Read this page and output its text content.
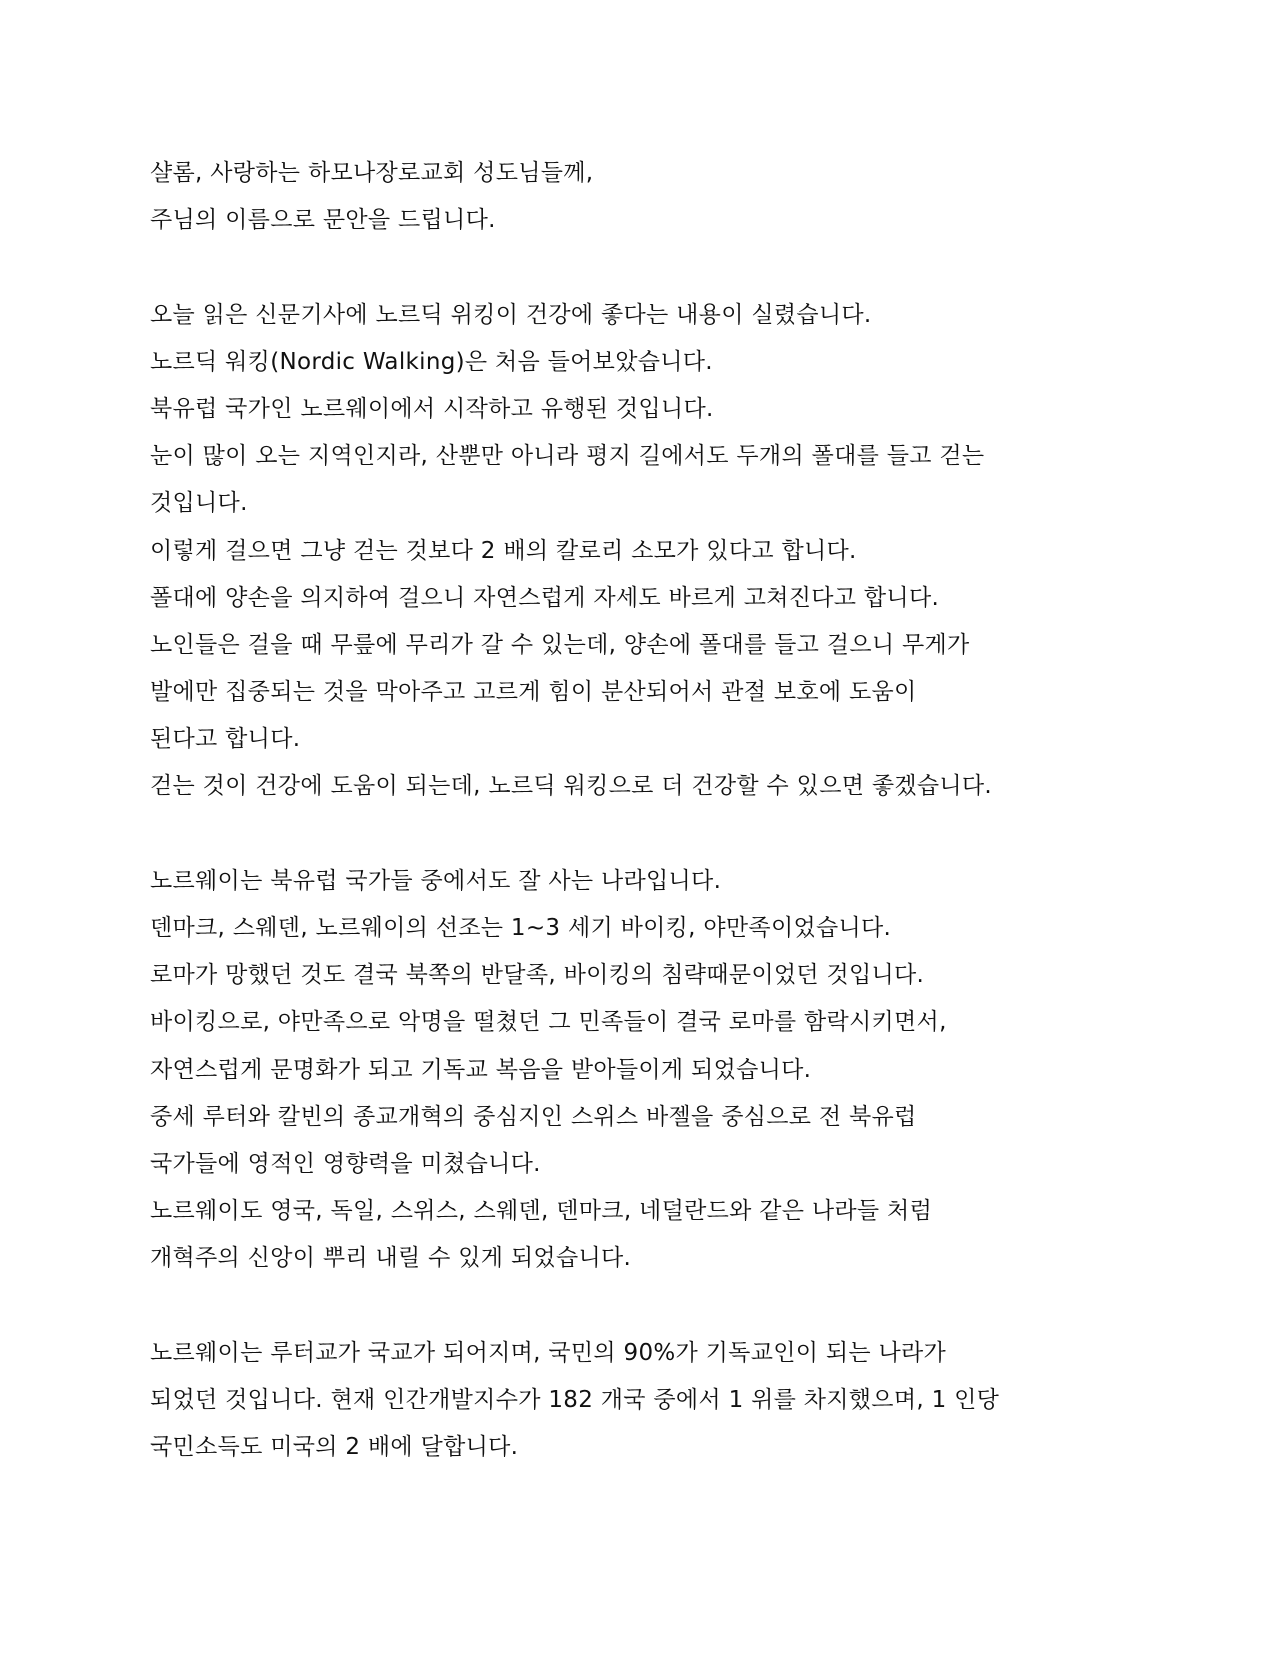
샬롬, 사랑하는 하모나장로교회 성도님들께,
주님의 이름으로 문안을 드립니다.
오늘 읽은 신문기사에 노르딕 위킹이 건강에 좋다는 내용이 실렸습니다.
노르딕 워킹(Nordic Walking)은 처음 들어보았습니다.
북유럽 국가인 노르웨이에서 시작하고 유행된 것입니다.
눈이 많이 오는 지역인지라, 산뿐만 아니라 평지 길에서도 두개의 폴대를 들고 걷는
것입니다.
이렇게 걸으면 그냥 걷는 것보다 2 배의 칼로리 소모가 있다고 합니다.
폴대에 양손을 의지하여 걸으니 자연스럽게 자세도 바르게 고쳐진다고 합니다.
노인들은 걸을 때 무릎에 무리가 갈 수 있는데, 양손에 폴대를 들고 걸으니 무게가
발에만 집중되는 것을 막아주고 고르게 힘이 분산되어서 관절 보호에 도움이
된다고 합니다.
걷는 것이 건강에 도움이 되는데, 노르딕 워킹으로 더 건강할 수 있으면 좋겠습니다.
노르웨이는 북유럽 국가들 중에서도 잘 사는 나라입니다.
덴마크, 스웨덴, 노르웨이의 선조는 1~3 세기 바이킹, 야만족이었습니다.
로마가 망했던 것도 결국 북쪽의 반달족, 바이킹의 침략때문이었던 것입니다.
바이킹으로, 야만족으로 악명을 떨쳤던 그 민족들이 결국 로마를 함락시키면서,
자연스럽게 문명화가 되고 기독교 복음을 받아들이게 되었습니다.
중세 루터와 칼빈의 종교개혁의 중심지인 스위스 바젤을 중심으로 전 북유럽
국가들에 영적인 영향력을 미쳤습니다.
노르웨이도 영국, 독일, 스위스, 스웨덴, 덴마크, 네덜란드와 같은 나라들 처럼
개혁주의 신앙이 뿌리 내릴 수 있게 되었습니다.
노르웨이는 루터교가 국교가 되어지며, 국민의 90%가 기독교인이 되는 나라가
되었던 것입니다. 현재 인간개발지수가 182 개국 중에서 1 위를 차지했으며, 1 인당
국민소득도 미국의 2 배에 달합니다.
